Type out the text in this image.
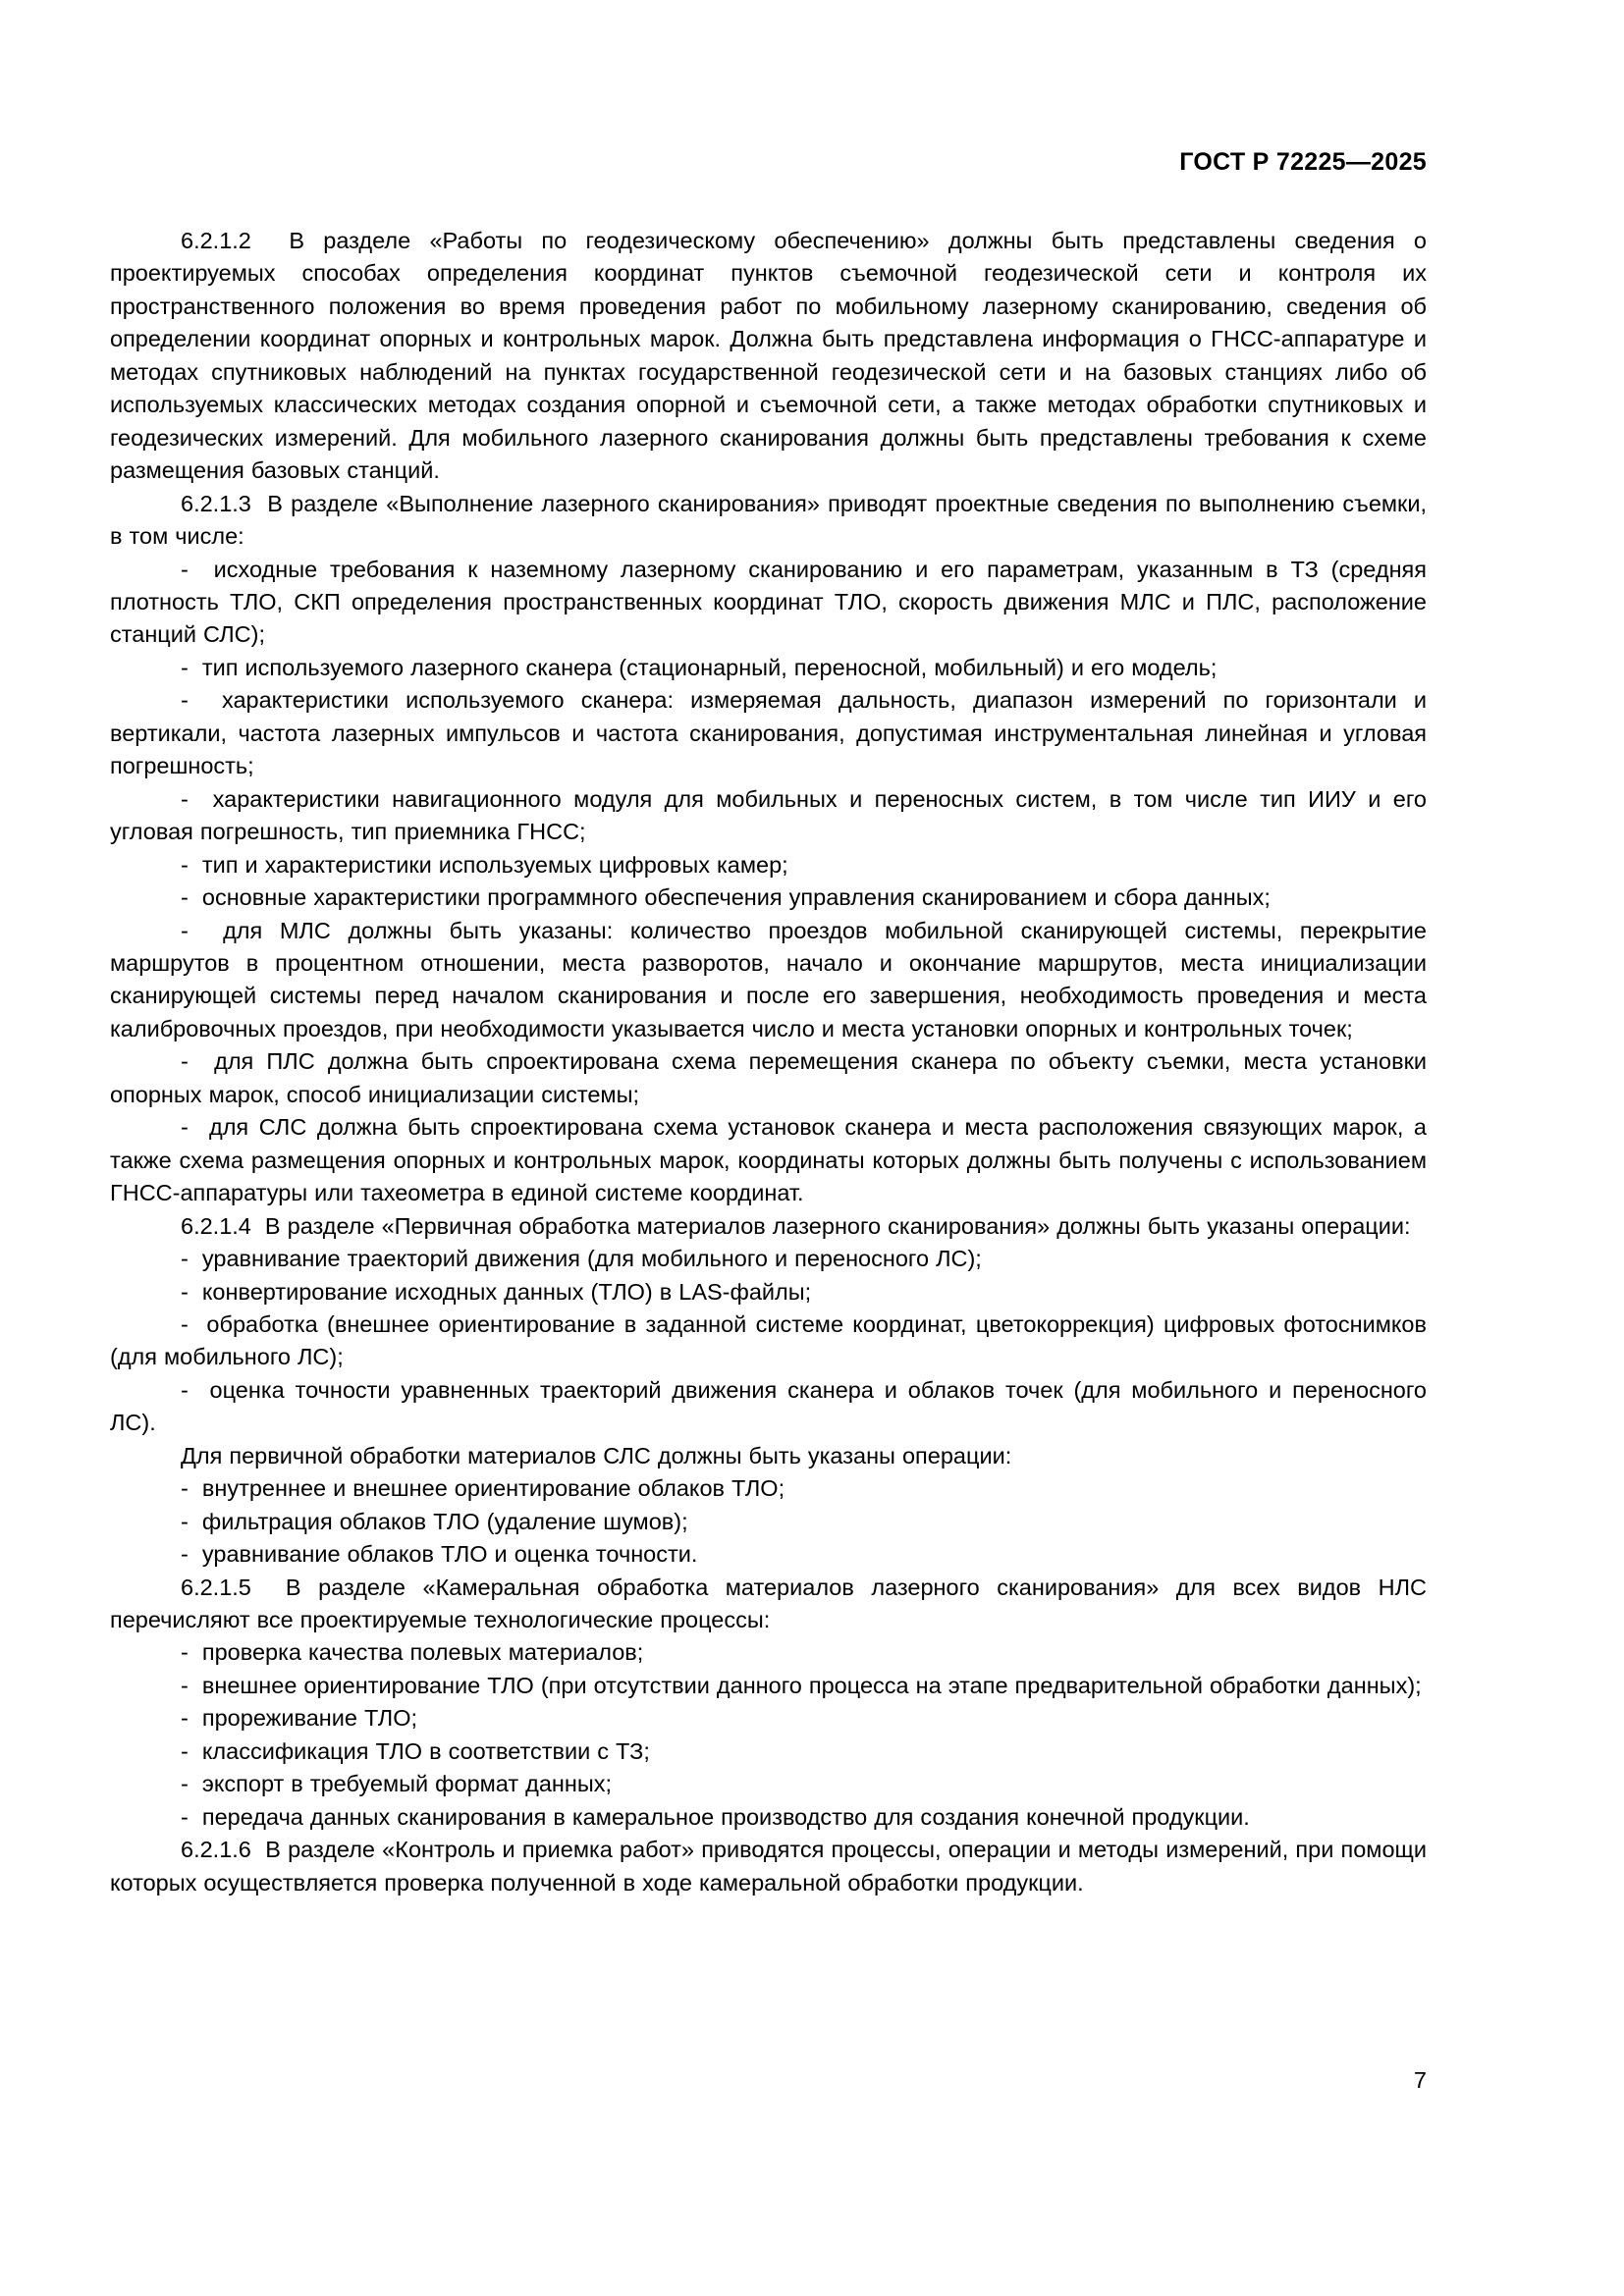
ГОСТ Р 72225—2025

6.2.1.2  В разделе «Работы по геодезическому обеспечению» должны быть представлены сведения о проектируемых способах определения координат пунктов съемочной геодезической сети и контроля их пространственного положения во время проведения работ по мобильному лазерному сканированию, сведения об определении координат опорных и контрольных марок. Должна быть представлена информация о ГНСС-аппаратуре и методах спутниковых наблюдений на пунктах государственной геодезической сети и на базовых станциях либо об используемых классических методах создания опорной и съемочной сети, а также методах обработки спутниковых и геодезических измерений. Для мобильного лазерного сканирования должны быть представлены требования к схеме размещения базовых станций.

6.2.1.3  В разделе «Выполнение лазерного сканирования» приводят проектные сведения по выполнению съемки, в том числе:

-  исходные требования к наземному лазерному сканированию и его параметрам, указанным в ТЗ (средняя плотность ТЛО, СКП определения пространственных координат ТЛО, скорость движения МЛС и ПЛС, расположение станций СЛС);

-  тип используемого лазерного сканера (стационарный, переносной, мобильный) и его модель;

-  характеристики используемого сканера: измеряемая дальность, диапазон измерений по горизонтали и вертикали, частота лазерных импульсов и частота сканирования, допустимая инструментальная линейная и угловая погрешность;

-  характеристики навигационного модуля для мобильных и переносных систем, в том числе тип ИИУ и его угловая погрешность, тип приемника ГНСС;

-  тип и характеристики используемых цифровых камер;

-  основные характеристики программного обеспечения управления сканированием и сбора данных;

-  для МЛС должны быть указаны: количество проездов мобильной сканирующей системы, перекрытие маршрутов в процентном отношении, места разворотов, начало и окончание маршрутов, места инициализации сканирующей системы перед началом сканирования и после его завершения, необходимость проведения и места калибровочных проездов, при необходимости указывается число и места установки опорных и контрольных точек;

-  для ПЛС должна быть спроектирована схема перемещения сканера по объекту съемки, места установки опорных марок, способ инициализации системы;

-  для СЛС должна быть спроектирована схема установок сканера и места расположения связующих марок, а также схема размещения опорных и контрольных марок, координаты которых должны быть получены с использованием ГНСС-аппаратуры или тахеометра в единой системе координат.

6.2.1.4  В разделе «Первичная обработка материалов лазерного сканирования» должны быть указаны операции:

-  уравнивание траекторий движения (для мобильного и переносного ЛС);

-  конвертирование исходных данных (ТЛО) в LAS-файлы;

-  обработка (внешнее ориентирование в заданной системе координат, цветокоррекция) цифровых фотоснимков (для мобильного ЛС);

-  оценка точности уравненных траекторий движения сканера и облаков точек (для мобильного и переносного ЛС).

Для первичной обработки материалов СЛС должны быть указаны операции:

-  внутреннее и внешнее ориентирование облаков ТЛО;

-  фильтрация облаков ТЛО (удаление шумов);

-  уравнивание облаков ТЛО и оценка точности.

6.2.1.5  В разделе «Камеральная обработка материалов лазерного сканирования» для всех видов НЛС перечисляют все проектируемые технологические процессы:

-  проверка качества полевых материалов;

-  внешнее ориентирование ТЛО (при отсутствии данного процесса на этапе предварительной обработки данных);

-  прореживание ТЛО;

-  классификация ТЛО в соответствии с ТЗ;

-  экспорт в требуемый формат данных;

-  передача данных сканирования в камеральное производство для создания конечной продукции.

6.2.1.6  В разделе «Контроль и приемка работ» приводятся процессы, операции и методы измерений, при помощи которых осуществляется проверка полученной в ходе камеральной обработки продукции.

7
